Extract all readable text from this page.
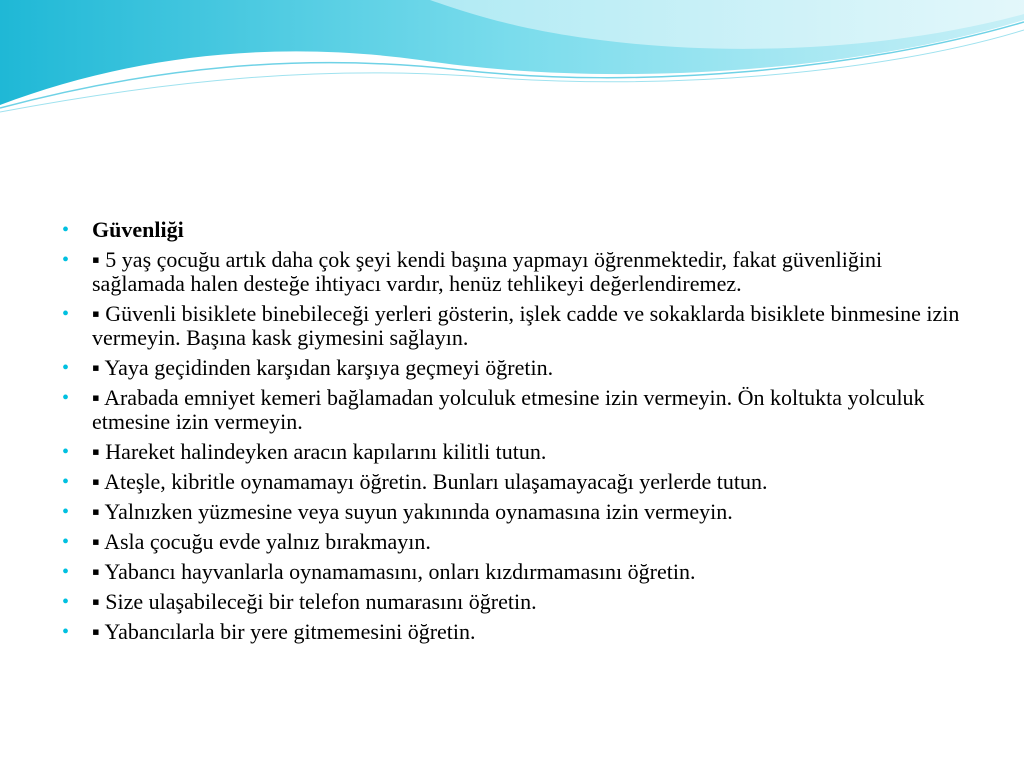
• Güvenliği
• ▪ 5 yaş çocuğu artık daha çok şeyi kendi başına yapmayı öğrenmektedir, fakat güvenliğini sağlamada halen desteğe ihtiyacı vardır, henüz tehlikeyi değerlendiremez.
• ▪ Güvenli bisiklete binebileceği yerleri gösterin, işlek cadde ve sokaklarda bisiklete binmesine izin vermeyin. Başına kask giymesini sağlayın.
• ▪ Yaya geçidinden karşıdan karşıya geçmeyi öğretin.
• ▪ Arabada emniyet kemeri bağlamadan yolculuk etmesine izin vermeyin. Ön koltukta yolculuk etmesine izin vermeyin.
• ▪ Hareket halindeyken aracın kapılarını kilitli tutun.
• ▪ Ateşle, kibritle oynamamayı öğretin. Bunları ulaşamayacağı yerlerde tutun.
• ▪ Yalnızken yüzmesine veya suyun yakınında oynamasına izin vermeyin.
• ▪ Asla çocuğu evde yalnız bırakmayın.
• ▪ Yabancı hayvanlarla oynamamasını, onları kızdırmamasını öğretin.
• ▪ Size ulaşabileceği bir telefon numarasını öğretin.
• ▪ Yabancılarla bir yere gitmemesini öğretin.
